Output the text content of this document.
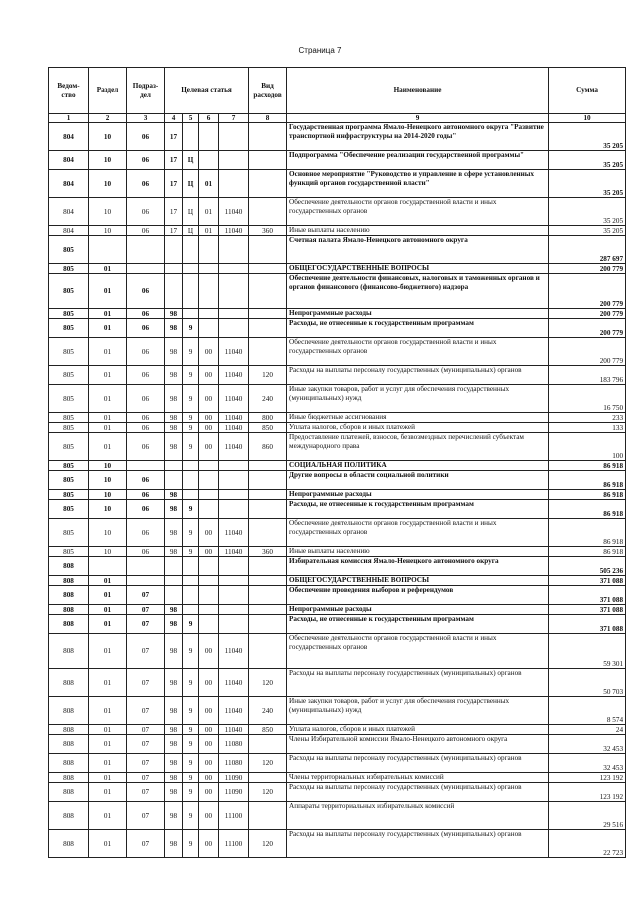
Страница 7
Ведом-ство	Раздел	Подраз-дел	Целевая статья				Вид расходов	Наименование	Сумма
1	2	3	4	5	6	7	8	9	10
804	10	06	17					Государственная программа Ямало-Ненецкого автономного округа "Развитие транспортной инфраструктуры на 2014-2020 годы"	35 205
804	10	06	17	Ц				Подпрограмма "Обеспечение реализации государственной программы"	35 205
804	10	06	17	Ц	01			Основное мероприятие "Руководство и управление в сфере установленных функций органов государственной власти"	35 205
804	10	06	17	Ц	01	11040		Обеспечение деятельности органов государственной власти и иных государственных органов	35 205
804	10	06	17	Ц	01	11040	360	Иные выплаты населению	35 205
805								Счетная палата Ямало-Ненецкого автономного округа	287 697
805	01							ОБЩЕГОСУДАРСТВЕННЫЕ ВОПРОСЫ	200 779
805	01	06						Обеспечение деятельности финансовых, налоговых и таможенных органов и органов финансового (финансово-бюджетного) надзора	200 779
805	01	06	98					Непрограммные расходы	200 779
805	01	06	98	9				Расходы, не отнесенные к государственным программам	200 779
805	01	06	98	9	00	11040		Обеспечение деятельности органов государственной власти и иных государственных органов	200 779
805	01	06	98	9	00	11040	120	Расходы на выплаты персоналу государственных (муниципальных) органов	183 796
805	01	06	98	9	00	11040	240	Иные закупки товаров, работ и услуг для обеспечения государственных (муниципальных) нужд	16 750
805	01	06	98	9	00	11040	800	Иные бюджетные ассигнования	233
805	01	06	98	9	00	11040	850	Уплата налогов, сборов и иных платежей	133
805	01	06	98	9	00	11040	860	Предоставление платежей, взносов, безвозмездных перечислений субъектам международного права	100
805	10							СОЦИАЛЬНАЯ ПОЛИТИКА	86 918
805	10	06						Другие вопросы в области социальной политики	86 918
805	10	06	98					Непрограммные расходы	86 918
805	10	06	98	9				Расходы, не отнесенные к государственным программам	86 918
805	10	06	98	9	00	11040		Обеспечение деятельности органов государственной власти и иных государственных органов	86 918
805	10	06	98	9	00	11040	360	Иные выплаты населению	86 918
808								Избирательная комиссия Ямало-Ненецкого автономного округа	505 236
808	01							ОБЩЕГОСУДАРСТВЕННЫЕ ВОПРОСЫ	371 088
808	01	07						Обеспечение проведения выборов и референдумов	371 088
808	01	07	98					Непрограммные расходы	371 088
808	01	07	98	9				Расходы, не отнесенные к государственным программам	371 088
808	01	07	98	9	00	11040		Обеспечение деятельности органов государственной власти и иных государственных органов	59 301
808	01	07	98	9	00	11040	120	Расходы на выплаты персоналу государственных (муниципальных) органов	50 703
808	01	07	98	9	00	11040	240	Иные закупки товаров, работ и услуг для обеспечения государственных (муниципальных) нужд	8 574
808	01	07	98	9	00	11040	850	Уплата налогов, сборов и иных платежей	24
808	01	07	98	9	00	11080		Члены Избирательной комиссии Ямало-Ненецкого автономного округа	32 453
808	01	07	98	9	00	11080	120	Расходы на выплаты персоналу государственных (муниципальных) органов	32 453
808	01	07	98	9	00	11090		Члены территориальных избирательных комиссий	123 192
808	01	07	98	9	00	11090	120	Расходы на выплаты персоналу государственных (муниципальных) органов	123 192
808	01	07	98	9	00	11100		Аппараты территориальных избирательных комиссий	29 516
808	01	07	98	9	00	11100	120	Расходы на выплаты персоналу государственных (муниципальных) органов	22 723
